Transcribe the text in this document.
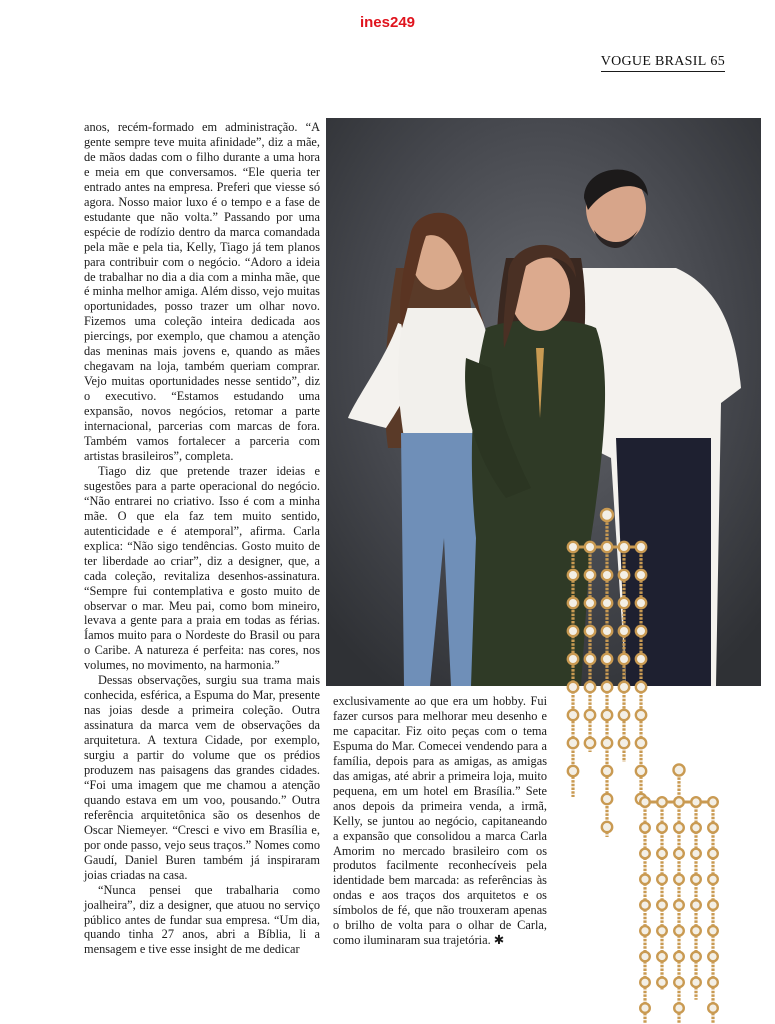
ines249
VOGUE BRASIL 65

anos, recém-formado em administração. “A gente sempre teve muita afinidade”, diz a mãe, de mãos dadas com o filho durante a uma hora e meia em que conversamos. “Ele queria ter entrado antes na empresa. Preferi que viesse só agora. Nosso maior luxo é o tempo e a fase de estudante que não volta.” Passando por uma espécie de rodízio dentro da marca comandada pela mãe e pela tia, Kelly, Tiago já tem planos para contribuir com o negócio. “Adoro a ideia de trabalhar no dia a dia com a minha mãe, que é minha melhor amiga. Além disso, vejo muitas oportunidades, posso trazer um olhar novo. Fizemos uma coleção inteira dedicada aos piercings, por exemplo, que chamou a atenção das meninas mais jovens e, quando as mães chegavam na loja, também queriam comprar. Vejo muitas oportunidades nesse sentido”, diz o executivo. “Estamos estudando uma expansão, novos negócios, retomar a parte internacional, parcerias com marcas de fora. Também vamos fortalecer a parceria com artistas brasileiros”, completa.

Tiago diz que pretende trazer ideias e sugestões para a parte operacional do negócio. “Não entrarei no criativo. Isso é com a minha mãe. O que ela faz tem muito sentido, autenticidade e é atemporal”, afirma. Carla explica: “Não sigo tendências. Gosto muito de ter liberdade ao criar”, diz a designer, que, a cada coleção, revitaliza desenhos-assinatura. “Sempre fui contemplativa e gosto muito de observar o mar. Meu pai, como bom mineiro, levava a gente para a praia em todas as férias. Íamos muito para o Nordeste do Brasil ou para o Caribe. A natureza é perfeita: nas cores, nos volumes, no movimento, na harmonia.”

Dessas observações, surgiu sua trama mais conhecida, esférica, a Espuma do Mar, presente nas joias desde a primeira coleção. Outra assinatura da marca vem de observações da arquitetura. A textura Cidade, por exemplo, surgiu a partir do volume que os prédios produzem nas paisagens das grandes cidades. “Foi uma imagem que me chamou a atenção quando estava em um voo, pousando.” Outra referência arquitetônica são os desenhos de Oscar Niemeyer. “Cresci e vivo em Brasília e, por onde passo, vejo seus traços.” Nomes como Gaudí, Daniel Buren também já inspiraram joias criadas na casa.

“Nunca pensei que trabalharia como joalheira”, diz a designer, que atuou no serviço público antes de fundar sua empresa. “Um dia, quando tinha 27 anos, abri a Bíblia, li a mensagem e tive esse insight de me dedicar

exclusivamente ao que era um hobby. Fui fazer cursos para melhorar meu desenho e me capacitar. Fiz oito peças com o tema Espuma do Mar. Comecei vendendo para a família, depois para as amigas, as amigas das amigas, até abrir a primeira loja, muito pequena, em um hotel em Brasília.” Sete anos depois da primeira venda, a irmã, Kelly, se juntou ao negócio, capitaneando a expansão que consolidou a marca Carla Amorim no mercado brasileiro com os produtos facilmente reconhecíveis pela identidade bem marcada: as referências às ondas e aos traços dos arquitetos e os símbolos de fé, que não trouxeram apenas o brilho de volta para o olhar de Carla, como iluminaram sua trajetória. ✱
